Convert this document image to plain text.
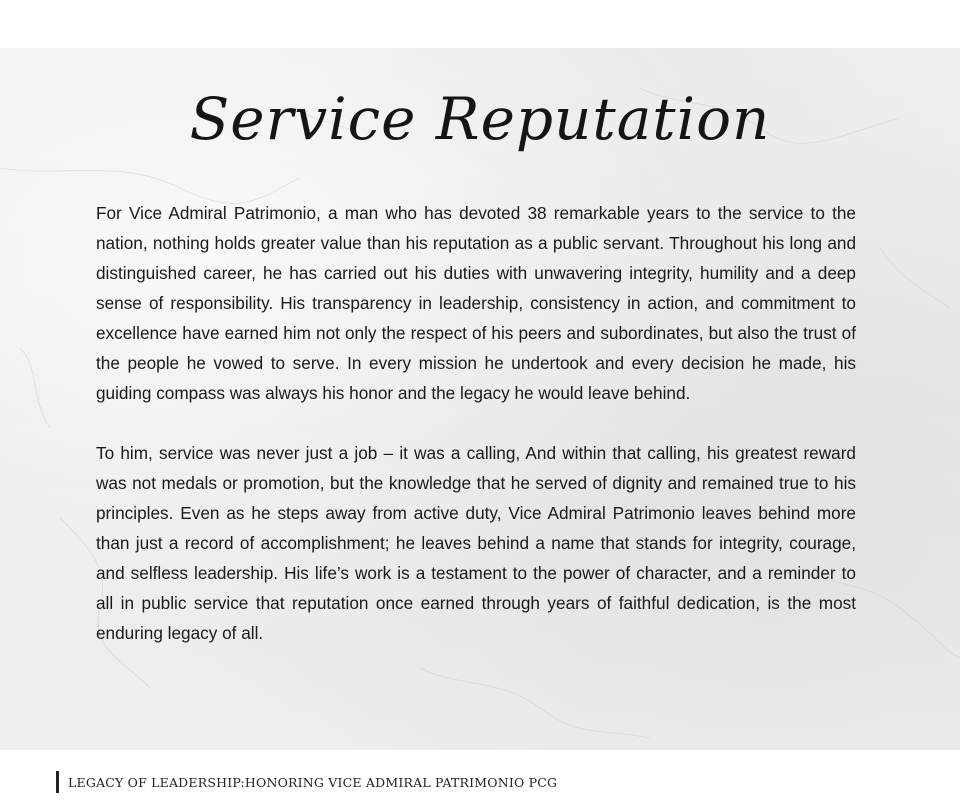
Service Reputation

For Vice Admiral Patrimonio, a man who has devoted 38 remarkable years to the service to the nation, nothing holds greater value than his reputation as a public servant. Throughout his long and distinguished career, he has carried out his duties with unwavering integrity, humility and a deep sense of responsibility. His transparency in leadership, consistency in action, and commitment to excellence have earned him not only the respect of his peers and subordinates, but also the trust of the people he vowed to serve. In every mission he undertook and every decision he made, his guiding compass was always his honor and the legacy he would leave behind.

To him, service was never just a job – it was a calling, And within that calling, his greatest reward was not medals or promotion, but the knowledge that he served of dignity and remained true to his principles. Even as he steps away from active duty, Vice Admiral Patrimonio leaves behind more than just a record of accomplishment; he leaves behind a name that stands for integrity, courage, and selfless leadership. His life’s work is a testament to the power of character, and a reminder to all in public service that reputation once earned through years of faithful dedication, is the most enduring legacy of all.

LEGACY OF LEADERSHIP:HONORING VICE ADMIRAL PATRIMONIO PCG
